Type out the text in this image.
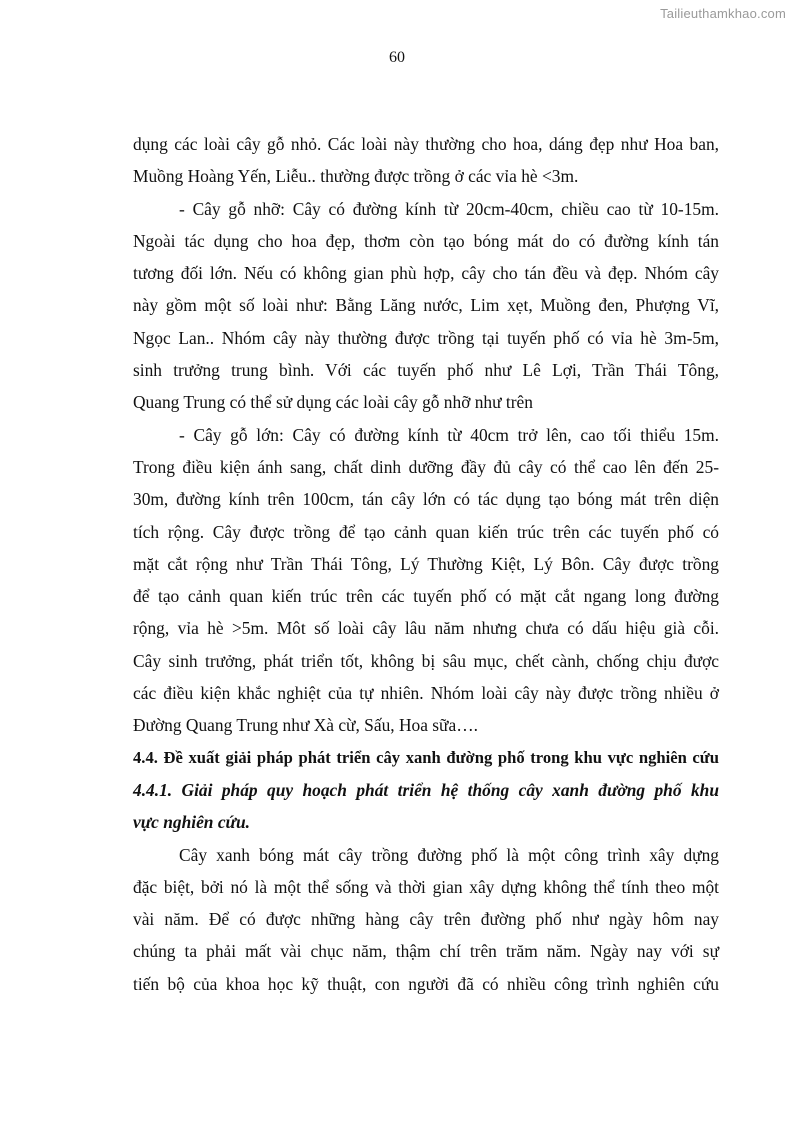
Tailieuthamkhao.com
60
dụng các loài cây gỗ nhỏ. Các loài này thường cho hoa, dáng đẹp như Hoa ban,
Muồng Hoàng Yến, Liễu.. thường được trồng ở các vỉa hè <3m.
- Cây gỗ nhỡ: Cây có đường kính từ 20cm-40cm, chiều cao từ 10-15m.
Ngoài tác dụng cho hoa đẹp, thơm còn tạo bóng mát do có đường kính tán
tương đối lớn. Nếu có không gian phù hợp, cây cho tán đều và đẹp. Nhóm cây
này gồm một số loài như: Bằng Lăng nước, Lim xẹt, Muồng đen, Phượng Vĩ,
Ngọc Lan.. Nhóm cây này thường được trồng tại tuyến phố có vỉa hè 3m-5m,
sinh trưởng trung bình. Với các tuyến phố như Lê Lợi, Trần Thái Tông,
Quang Trung có thể sử dụng các loài cây gỗ nhỡ như trên
- Cây gỗ lớn: Cây có đường kính từ 40cm trở lên, cao tối thiểu 15m.
Trong điều kiện ánh sang, chất dinh dưỡng đầy đủ cây có thể cao lên đến 25-
30m, đường kính trên 100cm, tán cây lớn có tác dụng tạo bóng mát trên diện
tích rộng. Cây được trồng để tạo cảnh quan kiến trúc trên các tuyến phố có
mặt cắt rộng như Trần Thái Tông, Lý Thường Kiệt, Lý Bôn. Cây được trồng
để tạo cảnh quan kiến trúc trên các tuyến phố có mặt cắt ngang long đường
rộng, vỉa hè >5m. Môt số loài cây lâu năm nhưng chưa có dấu hiệu già cỗi.
Cây sinh trưởng, phát triển tốt, không bị sâu mục, chết cành, chống chịu được
các điều kiện khắc nghiệt của tự nhiên. Nhóm loài cây này được trồng nhiều ở
Đường Quang Trung như Xà cừ, Sấu, Hoa sữa….
4.4. Đề xuất giải pháp phát triển cây xanh đường phố trong khu vực nghiên cứu
4.4.1. Giải pháp quy hoạch phát triển hệ thống cây xanh đường phố khu
vực nghiên cứu.
Cây xanh bóng mát cây trồng đường phố là một công trình xây dựng
đặc biệt, bởi nó là một thể sống và thời gian xây dựng không thể tính theo một
vài năm. Để có được những hàng cây trên đường phố như ngày hôm nay
chúng ta phải mất vài chục năm, thậm chí trên trăm năm. Ngày nay với sự
tiến bộ của khoa học kỹ thuật, con người đã có nhiều công trình nghiên cứu
